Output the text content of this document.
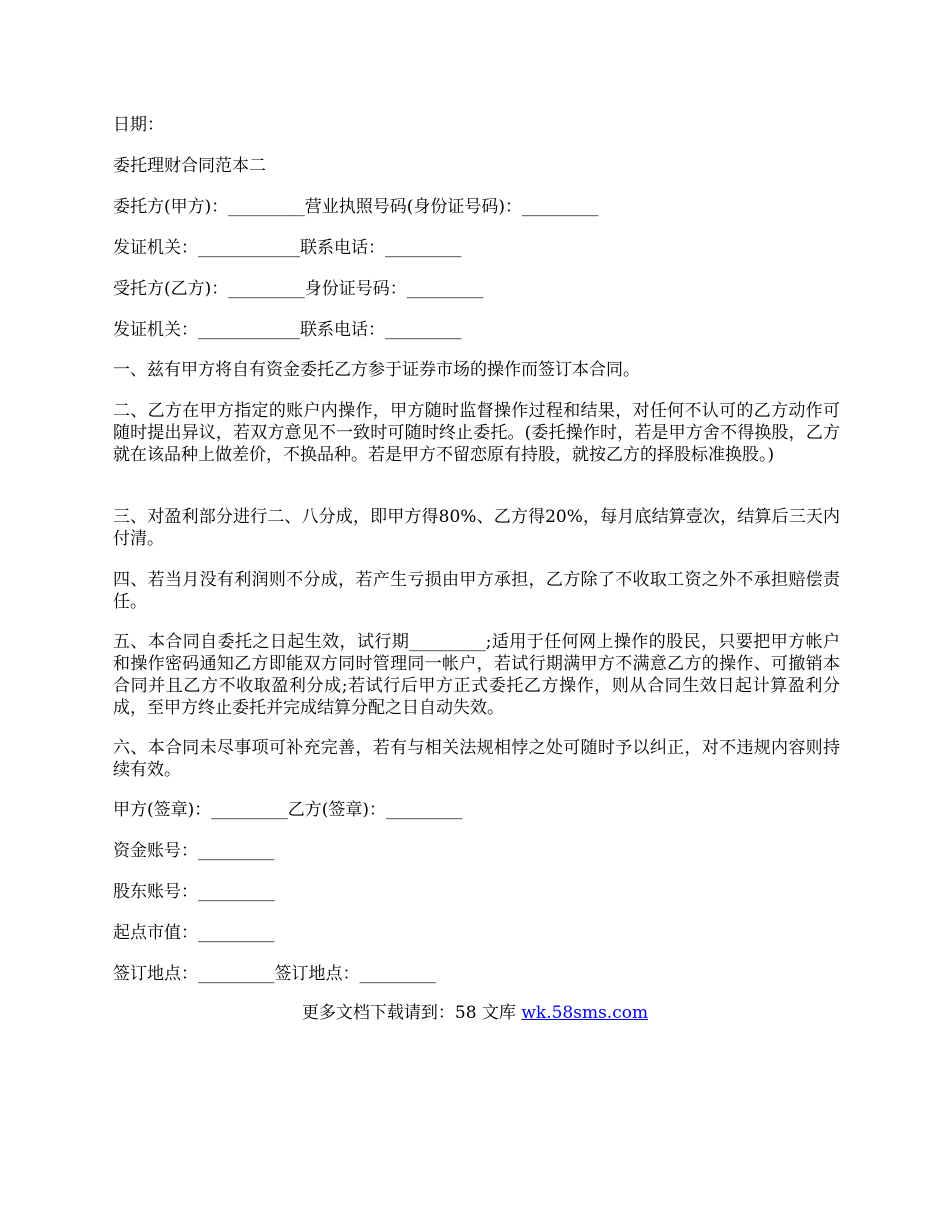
日期：

委托理财合同范本二

委托方(甲方)：_________营业执照号码(身份证号码)：_________

发证机关：____________联系电话：_________

受托方(乙方)：_________身份证号码：_________

发证机关：____________联系电话：_________

一、兹有甲方将自有资金委托乙方参于证券市场的操作而签订本合同。

二、乙方在甲方指定的账户内操作，甲方随时监督操作过程和结果，对任何不认可的乙方动作可随时提出异议，若双方意见不一致时可随时终止委托。(委托操作时，若是甲方舍不得换股，乙方就在该品种上做差价，不换品种。若是甲方不留恋原有持股，就按乙方的择股标准换股。)

三、对盈利部分进行二、八分成，即甲方得80%、乙方得20%，每月底结算壹次，结算后三天内付清。

四、若当月没有利润则不分成，若产生亏损由甲方承担，乙方除了不收取工资之外不承担赔偿责任。

五、本合同自委托之日起生效，试行期_________;适用于任何网上操作的股民，只要把甲方帐户和操作密码通知乙方即能双方同时管理同一帐户，若试行期满甲方不满意乙方的操作、可撤销本合同并且乙方不收取盈利分成;若试行后甲方正式委托乙方操作，则从合同生效日起计算盈利分成，至甲方终止委托并完成结算分配之日自动失效。

六、本合同未尽事项可补充完善，若有与相关法规相悖之处可随时予以纠正，对不违规内容则持续有效。

甲方(签章)：_________乙方(签章)：_________

资金账号：_________

股东账号：_________

起点市值：_________

签订地点：_________签订地点：_________

更多文档下载请到：58 文库 wk.58sms.com
